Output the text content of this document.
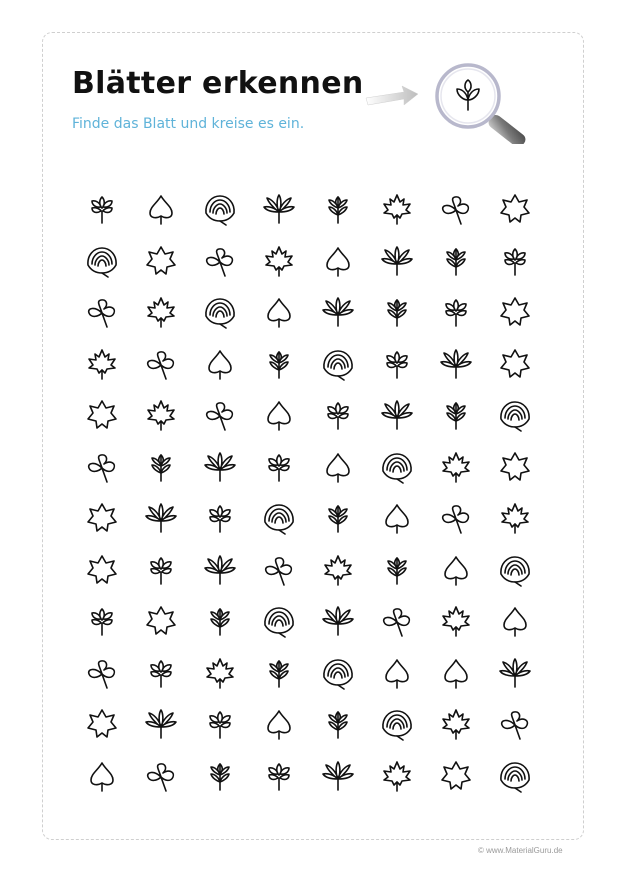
Blätter erkennen

Finde das Blatt und kreise es ein.

© www.MaterialGuru.de
